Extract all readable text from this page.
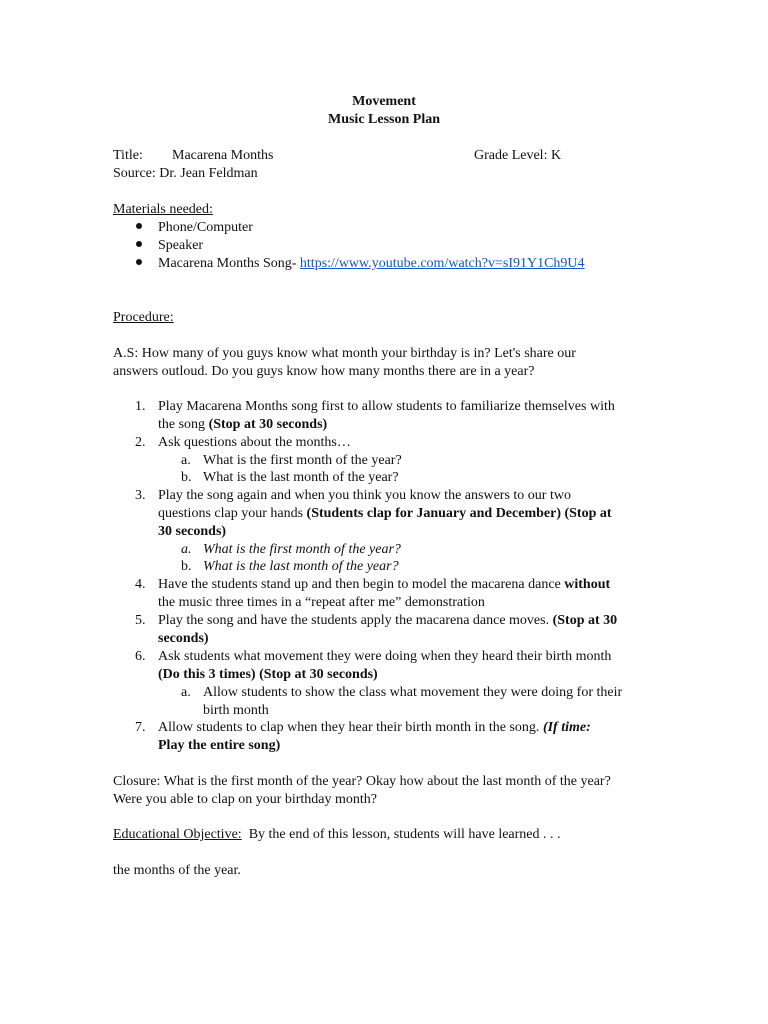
Movement
Music Lesson Plan
Title: Macarena Months	Grade Level: K
Source: Dr. Jean Feldman
Materials needed:
Phone/Computer
Speaker
Macarena Months Song- https://www.youtube.com/watch?v=sI91Y1Ch9U4
Procedure:
A.S: How many of you guys know what month your birthday is in? Let's share our
answers outloud. Do you guys know how many months there are in a year?
1. Play Macarena Months song first to allow students to familiarize themselves with
the song (Stop at 30 seconds)
2. Ask questions about the months…
a. What is the first month of the year?
b. What is the last month of the year?
3. Play the song again and when you think you know the answers to our two
questions clap your hands (Students clap for January and December) (Stop at
30 seconds)
a. What is the first month of the year?
b. What is the last month of the year?
4. Have the students stand up and then begin to model the macarena dance without
the music three times in a “repeat after me” demonstration
5. Play the song and have the students apply the macarena dance moves. (Stop at 30
seconds)
6. Ask students what movement they were doing when they heard their birth month
(Do this 3 times) (Stop at 30 seconds)
a. Allow students to show the class what movement they were doing for their
birth month
7. Allow students to clap when they hear their birth month in the song. (If time:
Play the entire song)
Closure: What is the first month of the year? Okay how about the last month of the year?
Were you able to clap on your birthday month?
Educational Objective:  By the end of this lesson, students will have learned . . .
the months of the year.
